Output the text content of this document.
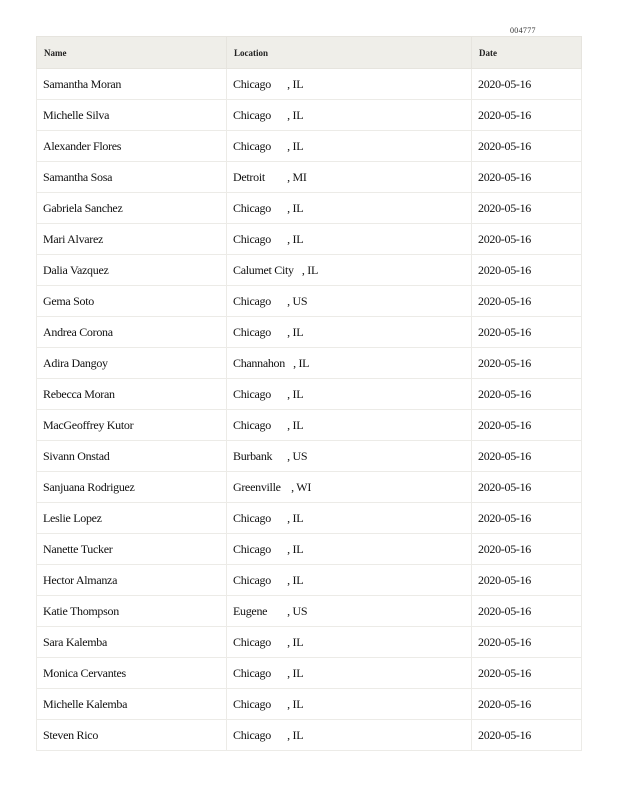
004777
Name	Location	Date
Samantha Moran	Chicago   , IL	2020-05-16
Michelle Silva	Chicago   , IL	2020-05-16
Alexander Flores	Chicago   , IL	2020-05-16
Samantha Sosa	Detroit   , MI	2020-05-16
Gabriela Sanchez	Chicago   , IL	2020-05-16
Mari Alvarez	Chicago   , IL	2020-05-16
Dalia Vazquez	Calumet City   , IL	2020-05-16
Gema Soto	Chicago   , US	2020-05-16
Andrea Corona	Chicago   , IL	2020-05-16
Adira Dangoy	Channahon   , IL	2020-05-16
Rebecca Moran	Chicago   , IL	2020-05-16
MacGeoffrey Kutor	Chicago   , IL	2020-05-16
Sivann Onstad	Burbank   , US	2020-05-16
Sanjuana Rodriguez	Greenville   , WI	2020-05-16
Leslie Lopez	Chicago   , IL	2020-05-16
Nanette Tucker	Chicago   , IL	2020-05-16
Hector Almanza	Chicago   , IL	2020-05-16
Katie Thompson	Eugene   , US	2020-05-16
Sara Kalemba	Chicago   , IL	2020-05-16
Monica Cervantes	Chicago   , IL	2020-05-16
Michelle Kalemba	Chicago   , IL	2020-05-16
Steven Rico	Chicago   , IL	2020-05-16
